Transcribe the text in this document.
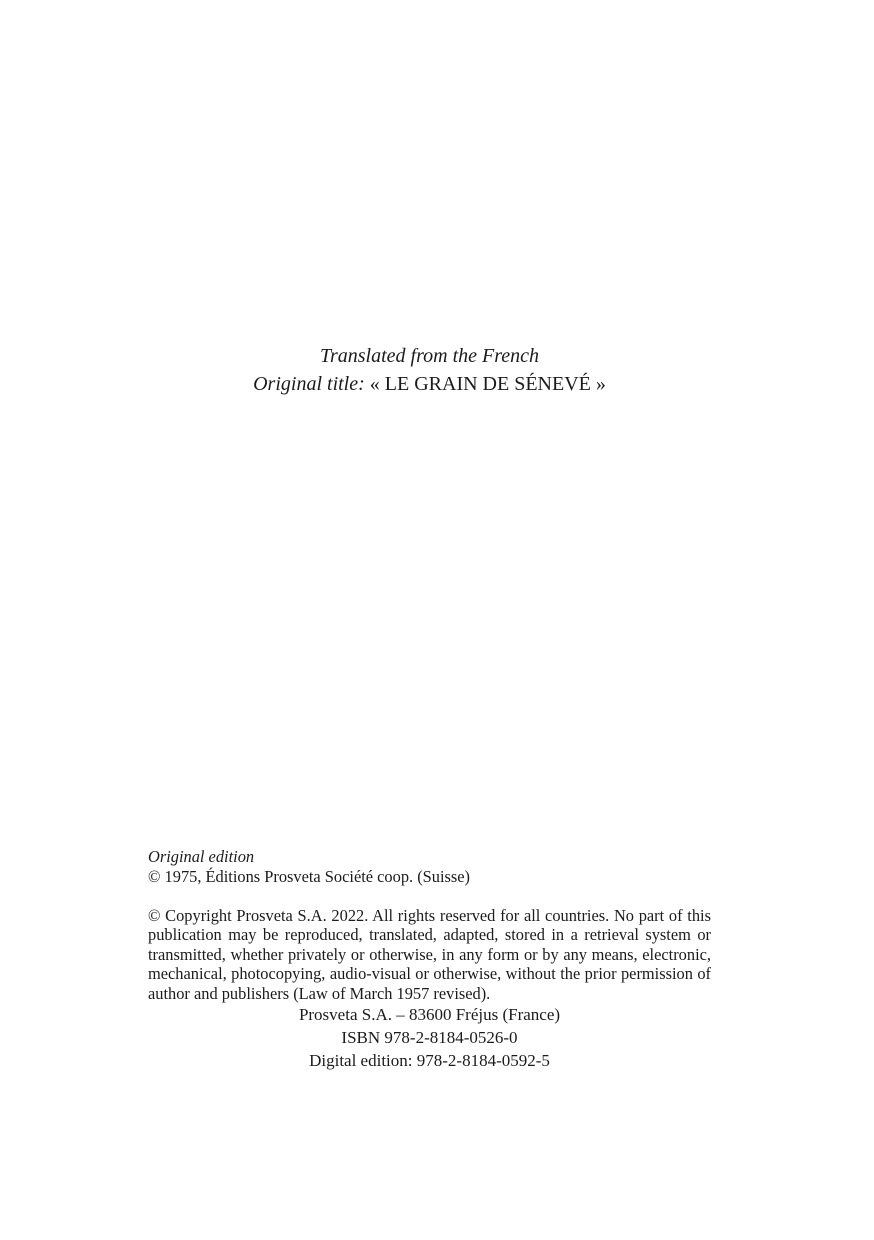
Translated from the French
Original title: « LE GRAIN DE SÉNEVÉ »
Original edition
© 1975, Éditions Prosveta Société coop. (Suisse)

© Copyright Prosveta S.A. 2022. All rights reserved for all countries. No part of this publication may be reproduced, translated, adapted, stored in a retrieval system or transmitted, whether privately or otherwise, in any form or by any means, electronic, mechanical, photocopying, audio-visual or otherwise, without the prior permission of author and publishers (Law of March 1957 revised).

Prosveta S.A. – 83600 Fréjus (France)
ISBN 978-2-8184-0526-0
Digital edition: 978-2-8184-0592-5
